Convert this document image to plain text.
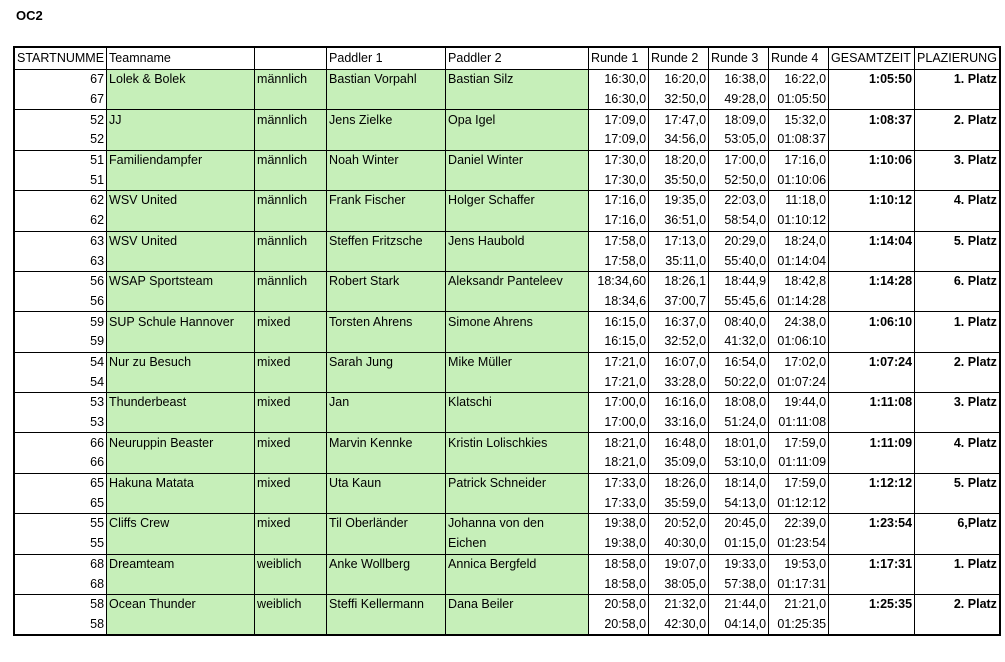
OC2
STARTNUMME	Teamname		Paddler 1	Paddler 2	Runde 1	Runde 2	Runde 3	Runde 4	GESAMTZEIT	PLAZIERUNG
67	Lolek & Bolek	männlich	Bastian Vorpahl	Bastian Silz	16:30,0	16:20,0	16:38,0	16:22,0	1:05:50	1. Platz
67					16:30,0	32:50,0	49:28,0	01:05:50		
52	JJ	männlich	Jens Zielke	Opa Igel	17:09,0	17:47,0	18:09,0	15:32,0	1:08:37	2. Platz
52					17:09,0	34:56,0	53:05,0	01:08:37		
51	Familiendampfer	männlich	Noah Winter	Daniel Winter	17:30,0	18:20,0	17:00,0	17:16,0	1:10:06	3. Platz
51					17:30,0	35:50,0	52:50,0	01:10:06		
62	WSV United	männlich	Frank Fischer	Holger Schaffer	17:16,0	19:35,0	22:03,0	11:18,0	1:10:12	4. Platz
62					17:16,0	36:51,0	58:54,0	01:10:12		
63	WSV United	männlich	Steffen Fritzsche	Jens Haubold	17:58,0	17:13,0	20:29,0	18:24,0	1:14:04	5. Platz
63					17:58,0	35:11,0	55:40,0	01:14:04		
56	WSAP Sportsteam	männlich	Robert Stark	Aleksandr Panteleev	18:34,60	18:26,1	18:44,9	18:42,8	1:14:28	6. Platz
56					18:34,6	37:00,7	55:45,6	01:14:28		
59	SUP Schule Hannover	mixed	Torsten Ahrens	Simone Ahrens	16:15,0	16:37,0	08:40,0	24:38,0	1:06:10	1. Platz
59					16:15,0	32:52,0	41:32,0	01:06:10		
54	Nur zu Besuch	mixed	Sarah Jung	Mike Müller	17:21,0	16:07,0	16:54,0	17:02,0	1:07:24	2. Platz
54					17:21,0	33:28,0	50:22,0	01:07:24		
53	Thunderbeast	mixed	Jan	Klatschi	17:00,0	16:16,0	18:08,0	19:44,0	1:11:08	3. Platz
53					17:00,0	33:16,0	51:24,0	01:11:08		
66	Neuruppin Beaster	mixed	Marvin Kennke	Kristin Lolischkies	18:21,0	16:48,0	18:01,0	17:59,0	1:11:09	4. Platz
66					18:21,0	35:09,0	53:10,0	01:11:09		
65	Hakuna Matata	mixed	Uta Kaun	Patrick Schneider	17:33,0	18:26,0	18:14,0	17:59,0	1:12:12	5. Platz
65					17:33,0	35:59,0	54:13,0	01:12:12		
55	Cliffs Crew	mixed	Til Oberländer	Johanna von den	19:38,0	20:52,0	20:45,0	22:39,0	1:23:54	6,Platz
55				Eichen	19:38,0	40:30,0	01:15,0	01:23:54		
68	Dreamteam	weiblich	Anke Wollberg	Annica Bergfeld	18:58,0	19:07,0	19:33,0	19:53,0	1:17:31	1. Platz
68					18:58,0	38:05,0	57:38,0	01:17:31		
58	Ocean Thunder	weiblich	Steffi Kellermann	Dana Beiler	20:58,0	21:32,0	21:44,0	21:21,0	1:25:35	2. Platz
58					20:58,0	42:30,0	04:14,0	01:25:35		
